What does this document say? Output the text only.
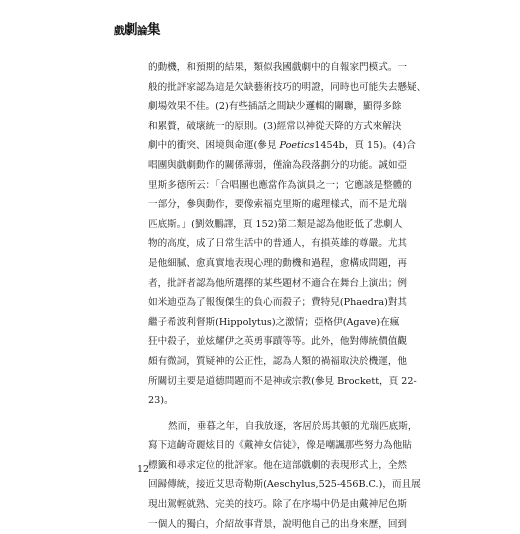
戲劇論集
的動機，和預期的結果，類似我國戲劇中的自報家門模式。一
般的批評家認為這是欠缺藝術技巧的明證，同時也可能失去懸疑、
劇場效果不佳。(2)有些插話之間缺少邏輯的關聯，顯得多餘
和累贅，破壞統一的原則。(3)經常以神從天降的方式來解決
劇中的衝突、困境與命運(參見 Poetics1454b，頁 15)。(4)合
唱團與戲劇動作的關係薄弱，僅淪為段落劃分的功能。誠如亞
里斯多德所云：「合唱團也應當作為演員之一；它應該是整體的
一部分，參與動作，要像索福克里斯的處理樣式，而不是尤瑞
匹底斯。」(劉效鵬譯，頁 152)第二類是認為他貶低了悲劇人
物的高度，成了日常生活中的普通人，有損英雄的尊嚴。尤其
是他細膩、愈真實地表現心理的動機和過程，愈構成問題，再
者，批評者認為他所選擇的某些題材不適合在舞台上演出；例
如米迪亞為了報復傑生的負心而殺子；費特兒(Phaedra)對其
繼子希波利督斯(Hippolytus)之激情；亞格伊(Agave)在瘋
狂中殺子，並炫耀伊之英勇事蹟等等。此外，他對傳統價值觀
頗有微詞，質疑神的公正性，認為人類的禍福取決於機運，他
所關切主要是道德問題而不是神或宗教(參見 Brockett，頁 22-
23)。
然而，垂暮之年，自我放逐，客居於馬其頓的尤瑞匹底斯，
寫下這齣奇麗炫目的《戴神女信徒》，像是嘲諷那些努力為他貼
標籤和尋求定位的批評家。他在這部戲劇的表現形式上，全然
回歸傳統，接近艾思奇勒斯(Aeschylus,525-456B.C.)，而且展
現出駕輕就熟、完美的技巧。除了在序場中仍是由戴神尼色斯
一個人的獨白，介紹故事背景，說明他自己的出身來歷，回到
12
